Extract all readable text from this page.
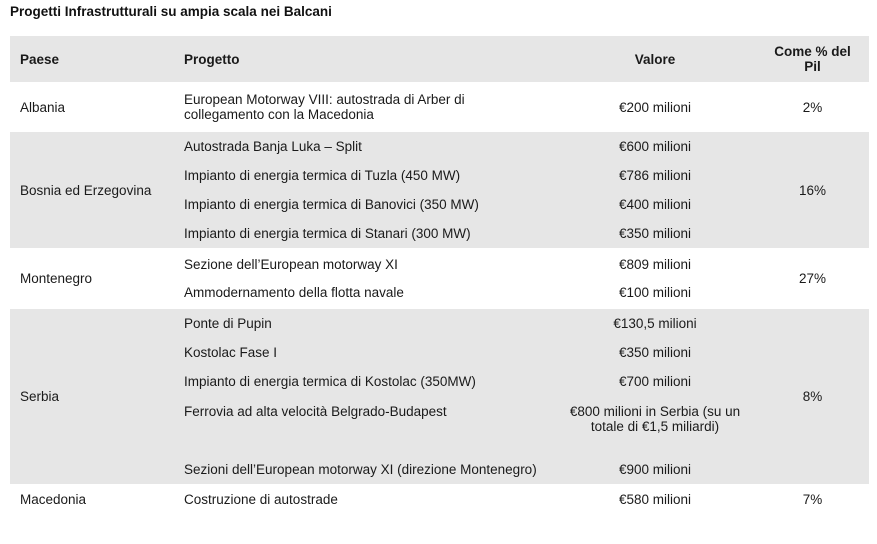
Progetti Infrastrutturali su ampia scala nei Balcani
Paese	Progetto	Valore	Come % del Pil
Albania	European Motorway VIII: autostrada di Arber di collegamento con la Macedonia	€200 milioni	2%
Bosnia ed Erzegovina	Autostrada Banja Luka – Split	€600 milioni	16%
	Impianto di energia termica di Tuzla (450 MW)	€786 milioni	
	Impianto di energia termica di Banovici (350 MW)	€400 milioni	
	Impianto di energia termica di Stanari (300 MW)	€350 milioni	
Montenegro	Sezione dell’European motorway XI	€809 milioni	27%
	Ammodernamento della flotta navale	€100 milioni	
Serbia	Ponte di Pupin	€130,5 milioni	8%
	Kostolac Fase I	€350 milioni	
	Impianto di energia termica di Kostolac (350MW)	€700 milioni	
	Ferrovia ad alta velocità Belgrado-Budapest	€800 milioni in Serbia (su un totale di €1,5 miliardi)	
	Sezioni dell’European motorway XI (direzione Montenegro)	€900 milioni	
Macedonia	Costruzione di autostrade	€580 milioni	7%
